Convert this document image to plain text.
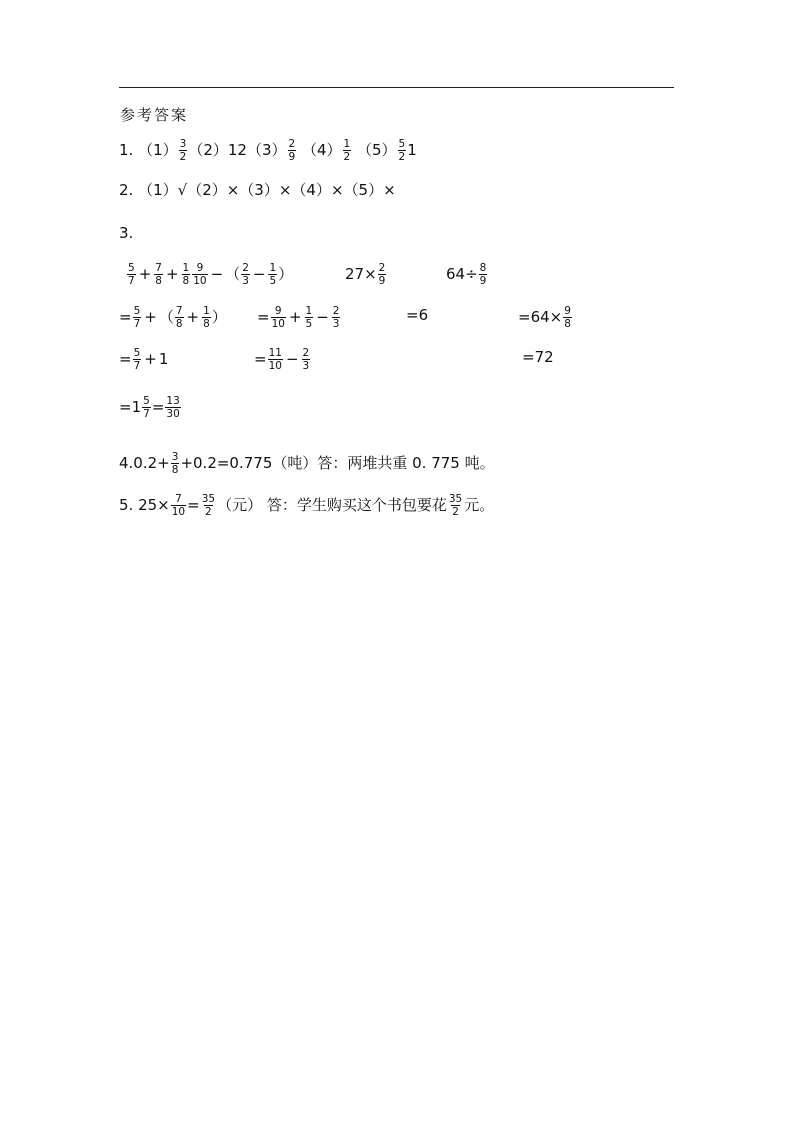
参考答案
1. $(1) \frac{3}{2} (2)12(3) \frac{2}{9} (4) \frac{1}{2} (5) \frac{5}{2} 1$
2. （1）√（2）×（3）×（4）×（5）×
3.
$\frac{5}{7} + \frac{7}{8} + \frac{1}{8} \frac{9}{10}$ − （ $\frac{2}{3} - \frac{1}{5}$ ）	$27\times \frac{2}{9}$	$64\div \frac{8}{9}$
= $\frac{5}{7}$ + （ $\frac{7}{8} + \frac{1}{8}$ ） = $\frac{9}{10} + \frac{1}{5} - \frac{2}{3}$	=6	$=64\times \frac{9}{8}$
= $\frac{5}{7} + 1$	= $\frac{11}{10} - \frac{2}{3}$	=72
$=1 \frac{5}{7} = \frac{13}{30}$
$4.0.2+ \frac{3}{8} +0.2=0.775$（吨）答：两堆共重 0. 775 吨。
5. $25\times \frac{7}{10} = \frac{35}{2}$ （元） 答：学生购买这个书包要花 $\frac{35}{2}$ 元。
